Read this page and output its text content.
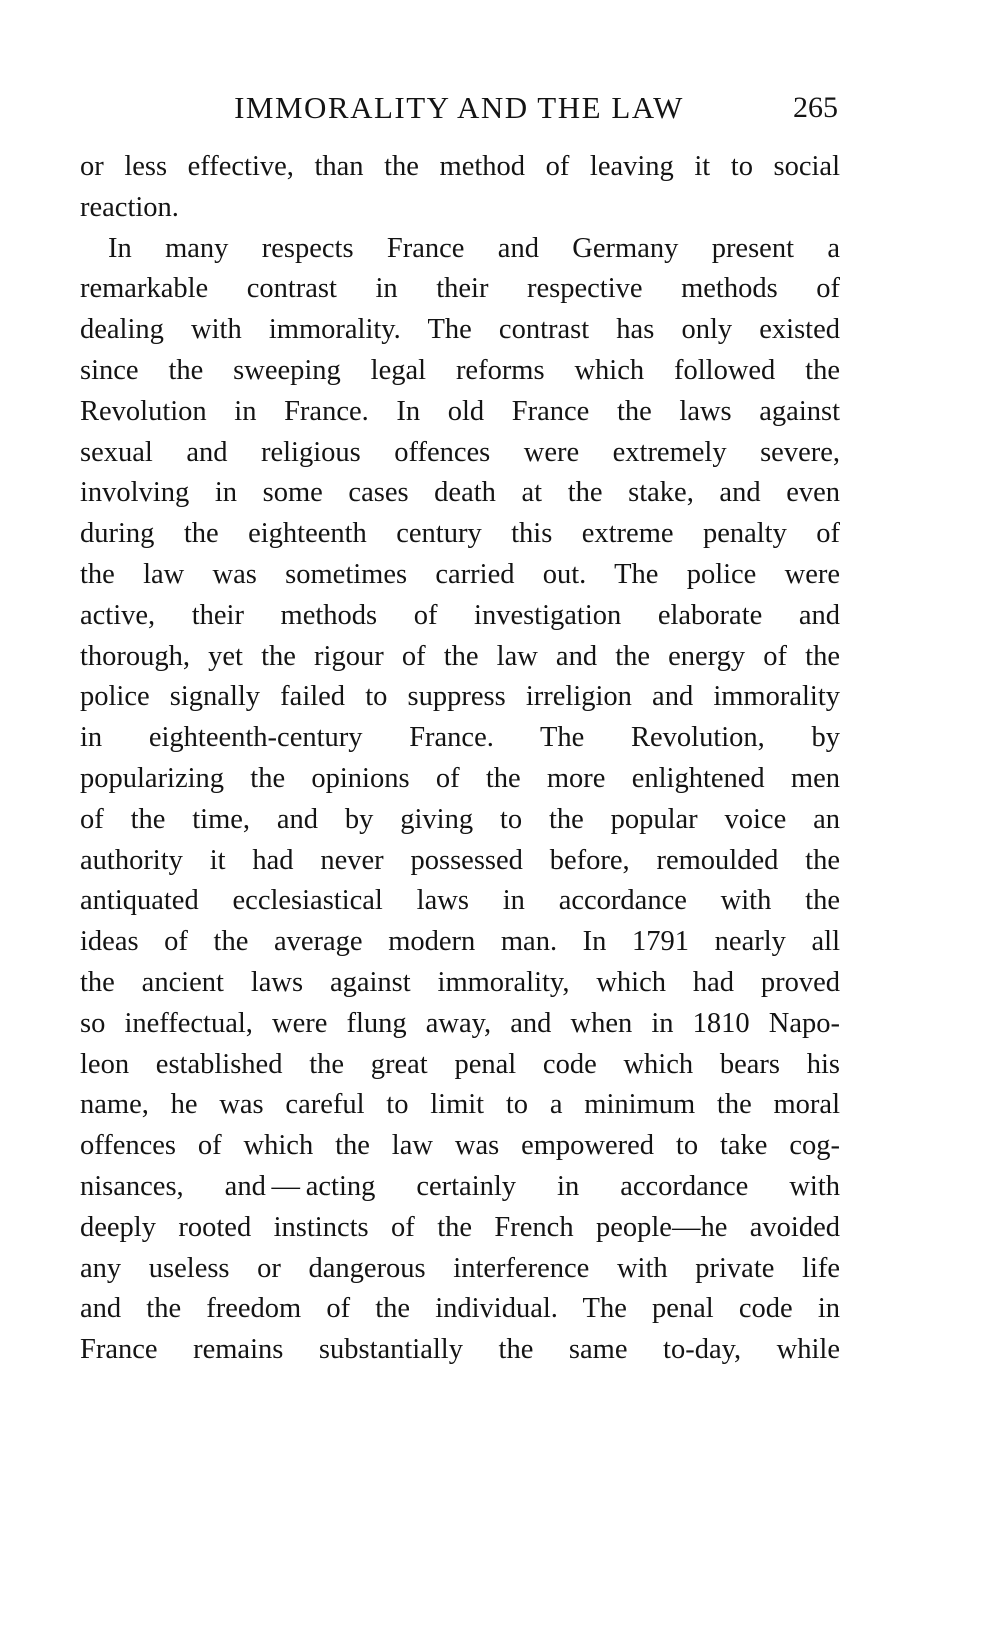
IMMORALITY AND THE LAW	265
or less effective, than the method of leaving it to social
reaction.
In many respects France and Germany present a
remarkable contrast in their respective methods of
dealing with immorality. The contrast has only existed
since the sweeping legal reforms which followed the
Revolution in France. In old France the laws against
sexual and religious offences were extremely severe,
involving in some cases death at the stake, and even
during the eighteenth century this extreme penalty of
the law was sometimes carried out. The police were
active, their methods of investigation elaborate and
thorough, yet the rigour of the law and the energy of the
police signally failed to suppress irreligion and immorality
in eighteenth-century France. The Revolution, by
popularizing the opinions of the more enlightened men
of the time, and by giving to the popular voice an
authority it had never possessed before, remoulded the
antiquated ecclesiastical laws in accordance with the
ideas of the average modern man. In 1791 nearly all
the ancient laws against immorality, which had proved
so ineffectual, were flung away, and when in 1810 Napo-
leon established the great penal code which bears his
name, he was careful to limit to a minimum the moral
offences of which the law was empowered to take cog-
nisances, and — acting certainly in accordance with
deeply rooted instincts of the French people—he avoided
any useless or dangerous interference with private life
and the freedom of the individual. The penal code in
France remains substantially the same to-day, while
